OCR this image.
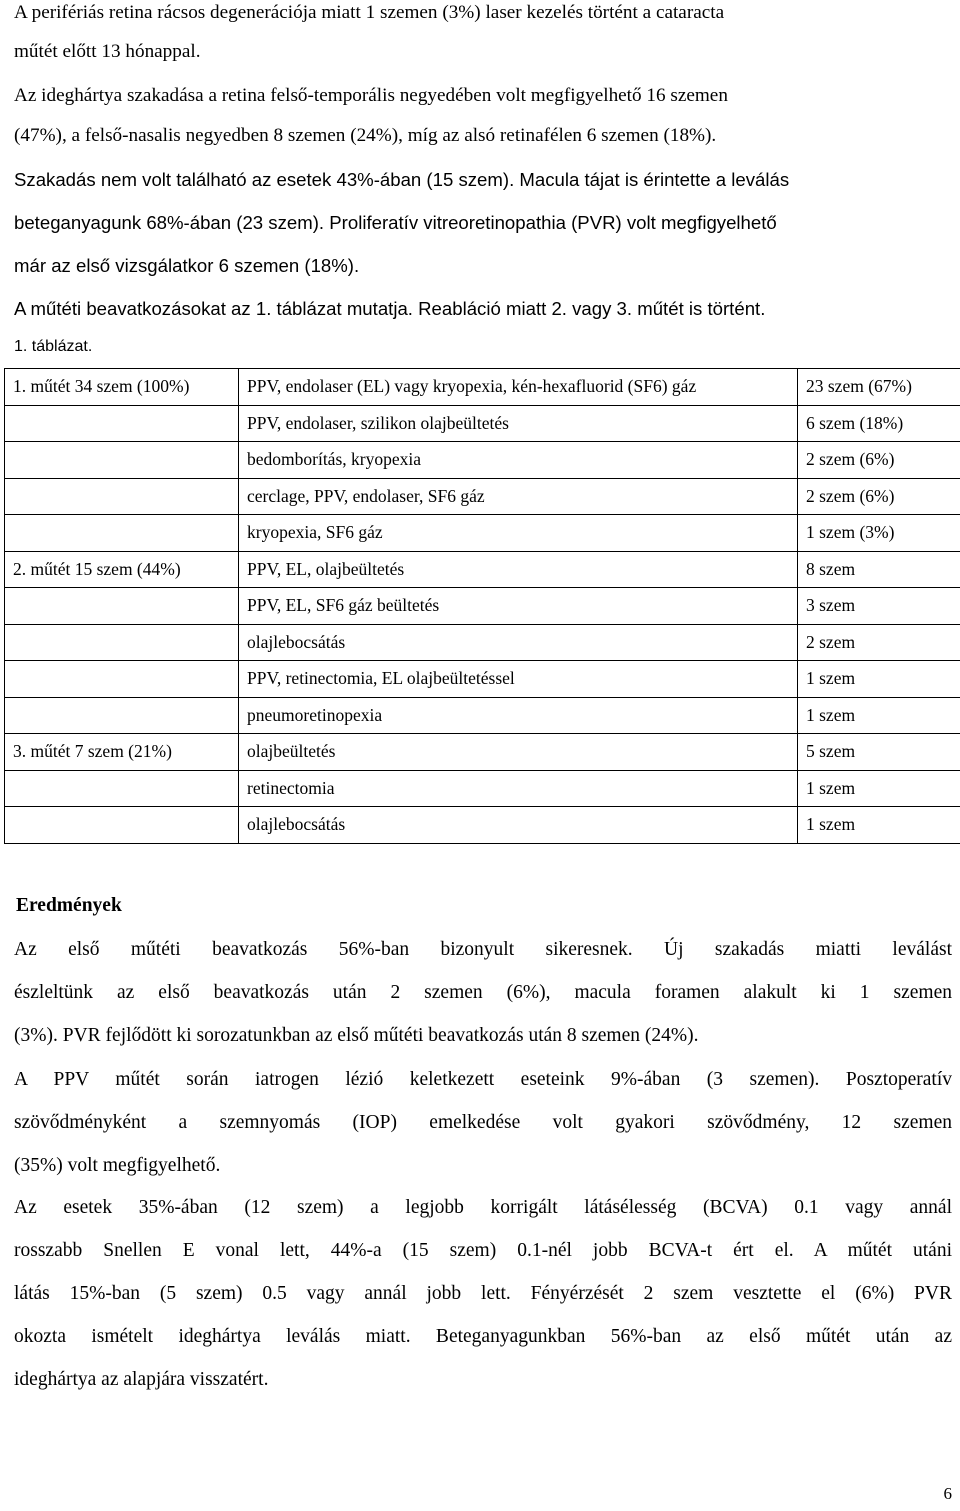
A perifériás retina rácsos degenerációja miatt 1 szemen (3%) laser kezelés történt a cataracta
műtét előtt 13 hónappal.
Az ideghártya szakadása a retina felső-temporális negyedében volt megfigyelhető 16 szemen
(47%), a felső-nasalis negyedben 8 szemen (24%), míg az alsó retinafélen 6 szemen (18%).
Szakadás nem volt található az esetek 43%-ában (15 szem). Macula tájat is érintette a leválás
beteganyagunk 68%-ában (23 szem). Proliferatív vitreoretinopathia (PVR) volt megfigyelhető
már az első vizsgálatkor 6 szemen (18%).
A műtéti beavatkozásokat az 1. táblázat mutatja. Reabláció miatt 2. vagy 3. műtét is történt.
1. táblázat.
1. műtét 34 szem (100%)	PPV, endolaser (EL) vagy kryopexia, kén-hexafluorid (SF6) gáz	23 szem (67%)
	PPV, endolaser, szilikon olajbeültetés	6 szem (18%)
	bedomborítás, kryopexia	2 szem (6%)
	cerclage, PPV, endolaser, SF6 gáz	2 szem (6%)
	kryopexia, SF6 gáz	1 szem (3%)
2. műtét 15 szem (44%)	PPV, EL, olajbeültetés	8 szem
	PPV, EL, SF6 gáz beültetés	3 szem
	olajlebocsátás	2 szem
	PPV, retinectomia, EL olajbeültetéssel	1 szem
	pneumoretinopexia	1 szem
3. műtét 7 szem (21%)	olajbeültetés	5 szem
	retinectomia	1 szem
	olajlebocsátás	1 szem
Eredmények
Az első műtéti beavatkozás 56%-ban bizonyult sikeresnek. Új szakadás miatti leválást
észleltünk az első beavatkozás után 2 szemen (6%), macula foramen alakult ki 1 szemen
(3%). PVR fejlődött ki sorozatunkban az első műtéti beavatkozás után 8 szemen (24%).
A PPV műtét során iatrogen lézió keletkezett eseteink 9%-ában (3 szemen). Posztoperatív
szövődményként a szemnyomás (IOP) emelkedése volt gyakori szövődmény, 12 szemen
(35%) volt megfigyelhető.
Az esetek 35%-ában (12 szem) a legjobb korrigált látásélesség (BCVA) 0.1 vagy annál
rosszabb Snellen E vonal lett, 44%-a (15 szem) 0.1-nél jobb BCVA-t ért el. A műtét utáni
látás 15%-ban (5 szem) 0.5 vagy annál jobb lett. Fényérzését 2 szem vesztette el (6%) PVR
okozta ismételt ideghártya leválás miatt. Beteganyagunkban 56%-ban az első műtét után az
ideghártya az alapjára visszatért.
6
